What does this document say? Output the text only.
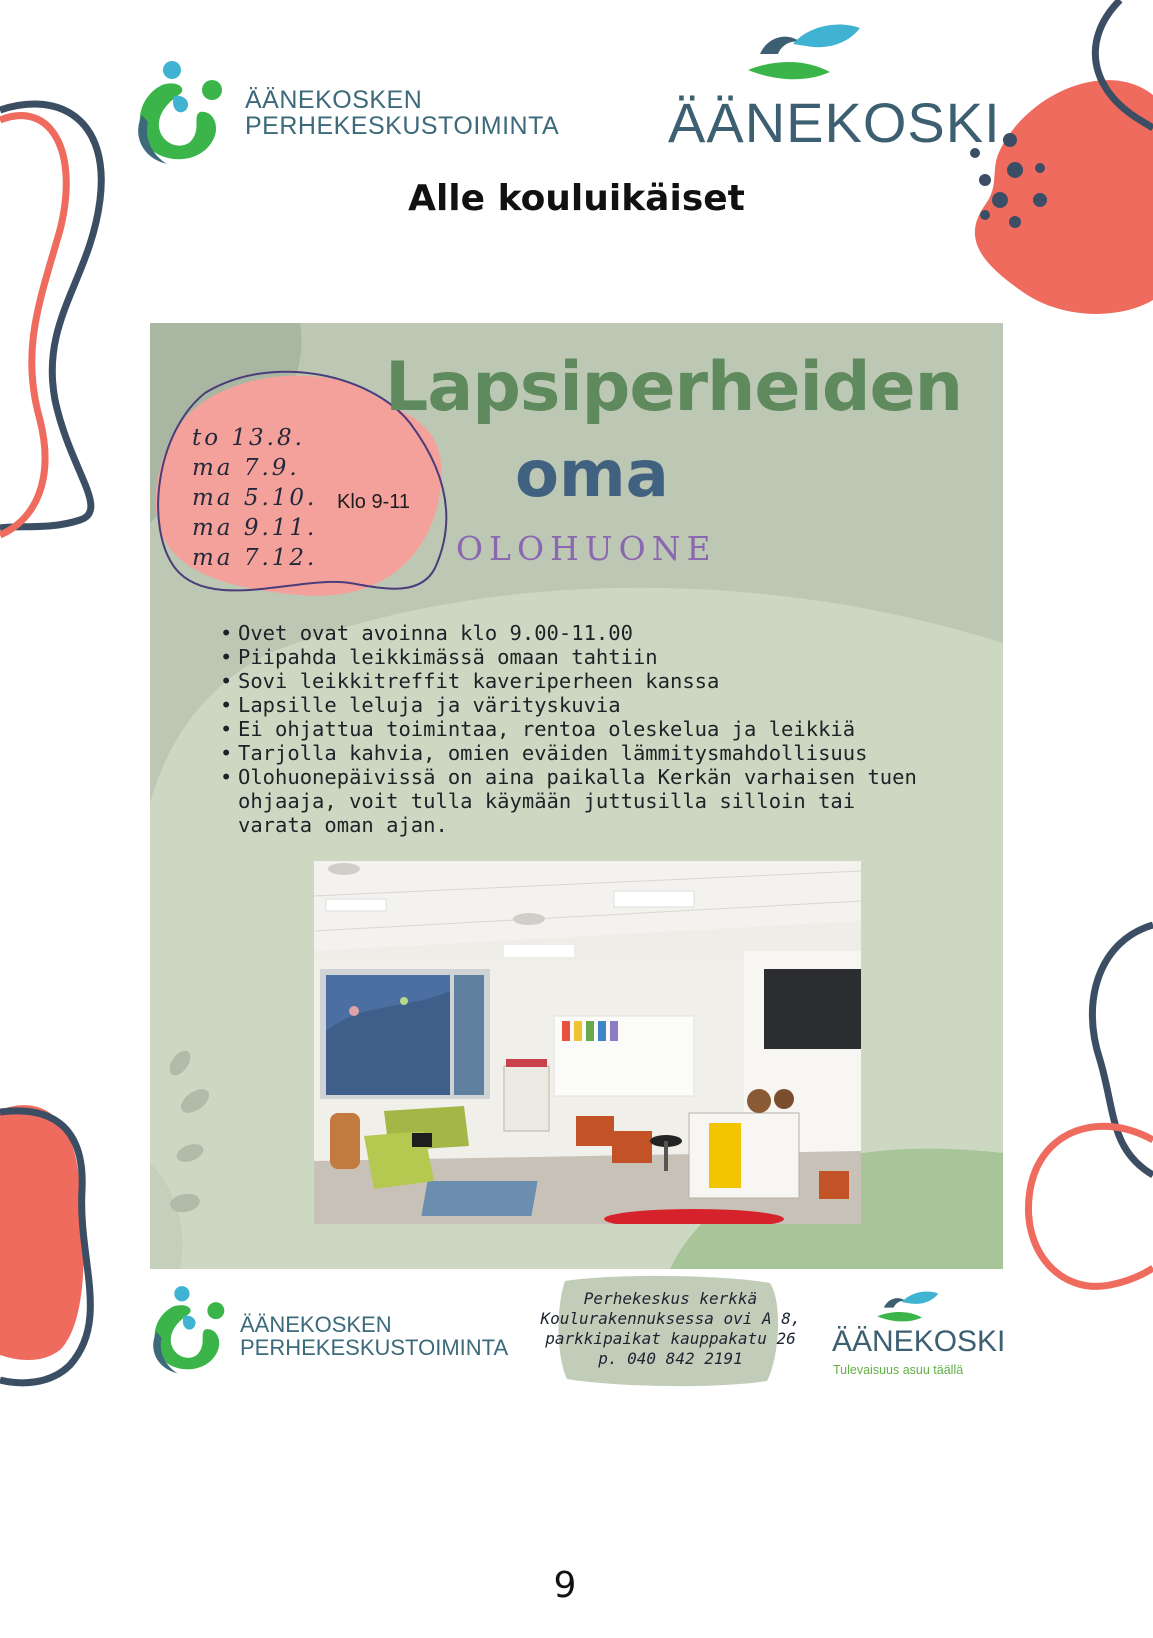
ÄÄNEKOSKEN
PERHEKESKUSTOIMINTA ÄÄNEKOSKI
Alle kouluikäiset
Lapsiperheiden
oma
OLOHUONE
to 13.8.
ma 7.9.
ma 5.10.
ma 9.11.
ma 7.12.
Klo 9-11
• Ovet ovat avoinna klo 9.00-11.00
• Piipahda leikkimässä omaan tahtiin
• Sovi leikkitreffit kaveriperheen kanssa
• Lapsille leluja ja värityskuvia
• Ei ohjattua toimintaa, rentoa oleskelua ja leikkiä
• Tarjolla kahvia, omien eväiden lämmitysmahdollisuus
• Olohuonepäivissä on aina paikalla Kerkän varhaisen tuen ohjaaja, voit tulla käymään juttusilla silloin tai varata oman ajan.
ÄÄNEKOSKEN
PERHEKESKUSTOIMINTA
Perhekeskus kerkkä
Koulurakennuksessa ovi A 8,
parkkipaikat kauppakatu 26
p. 040 842 2191
ÄÄNEKOSKI
Tulevaisuus asuu täällä
9
